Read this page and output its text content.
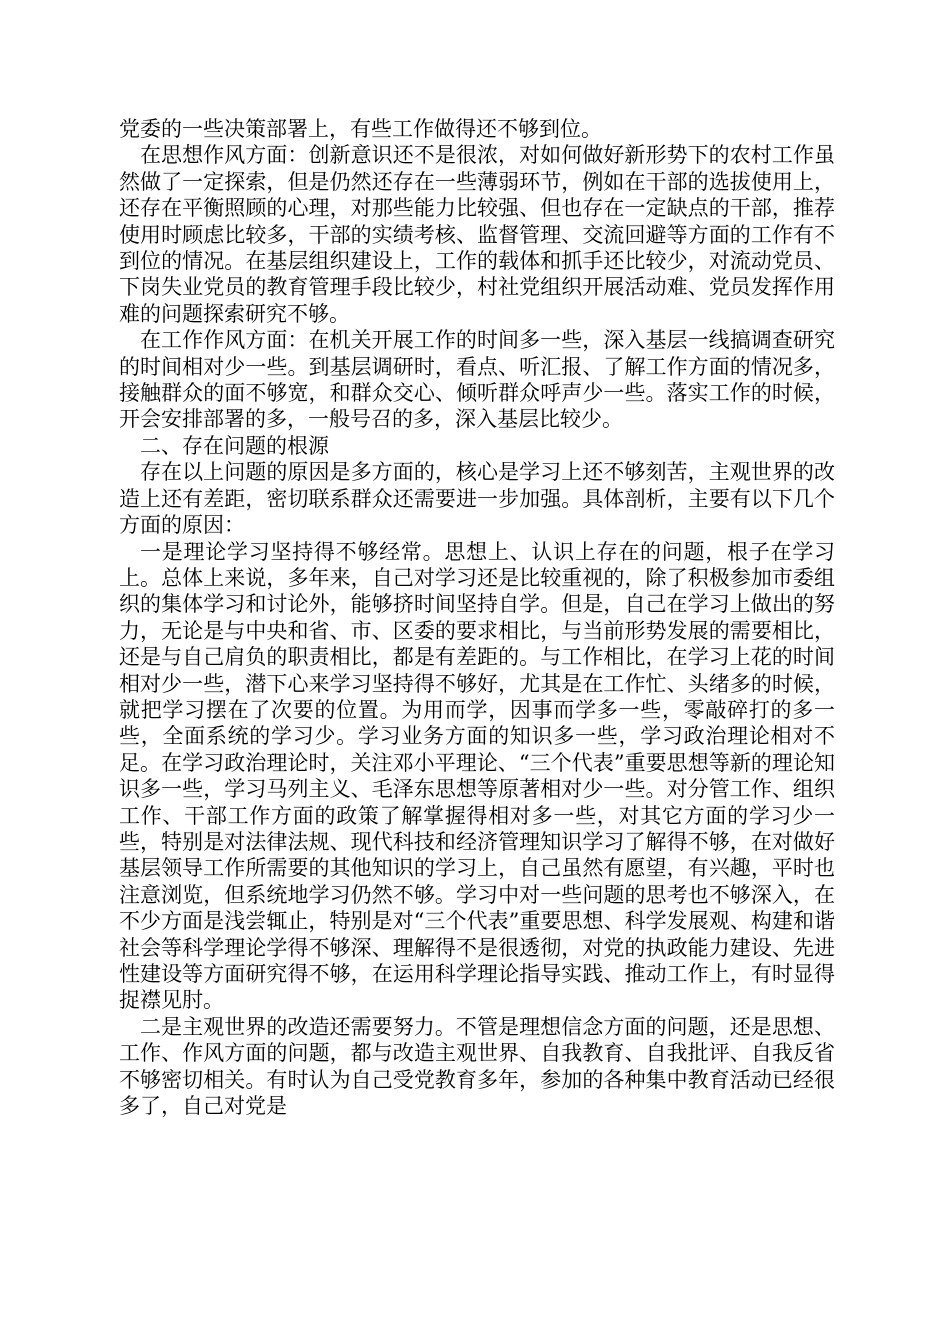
党委的一些决策部署上，有些工作做得还不够到位。

在思想作风方面：创新意识还不是很浓，对如何做好新形势下的农村工作虽然做了一定探索，但是仍然还存在一些薄弱环节，例如在干部的选拔使用上，还存在平衡照顾的心理，对那些能力比较强、但也存在一定缺点的干部，推荐使用时顾虑比较多，干部的实绩考核、监督管理、交流回避等方面的工作有不到位的情况。在基层组织建设上，工作的载体和抓手还比较少，对流动党员、下岗失业党员的教育管理手段比较少，村社党组织开展活动难、党员发挥作用难的问题探索研究不够。

在工作作风方面：在机关开展工作的时间多一些，深入基层一线搞调查研究的时间相对少一些。到基层调研时，看点、听汇报、了解工作方面的情况多，接触群众的面不够宽，和群众交心、倾听群众呼声少一些。落实工作的时候，开会安排部署的多，一般号召的多，深入基层比较少。

二、存在问题的根源

存在以上问题的原因是多方面的，核心是学习上还不够刻苦，主观世界的改造上还有差距，密切联系群众还需要进一步加强。具体剖析，主要有以下几个方面的原因：

一是理论学习坚持得不够经常。思想上、认识上存在的问题，根子在学习上。总体上来说，多年来，自己对学习还是比较重视的，除了积极参加市委组织的集体学习和讨论外，能够挤时间坚持自学。但是，自己在学习上做出的努力，无论是与中央和省、市、区委的要求相比，与当前形势发展的需要相比，还是与自己肩负的职责相比，都是有差距的。与工作相比，在学习上花的时间相对少一些，潜下心来学习坚持得不够好，尤其是在工作忙、头绪多的时候，就把学习摆在了次要的位置。为用而学，因事而学多一些，零敲碎打的多一些，全面系统的学习少。学习业务方面的知识多一些，学习政治理论相对不足。在学习政治理论时，关注邓小平理论、“三个代表”重要思想等新的理论知识多一些，学习马列主义、毛泽东思想等原著相对少一些。对分管工作、组织工作、干部工作方面的政策了解掌握得相对多一些，对其它方面的学习少一些，特别是对法律法规、现代科技和经济管理知识学习了解得不够，在对做好基层领导工作所需要的其他知识的学习上，自己虽然有愿望，有兴趣，平时也注意浏览，但系统地学习仍然不够。学习中对一些问题的思考也不够深入，在不少方面是浅尝辄止，特别是对“三个代表”重要思想、科学发展观、构建和谐社会等科学理论学得不够深、理解得不是很透彻，对党的执政能力建设、先进性建设等方面研究得不够，在运用科学理论指导实践、推动工作上，有时显得捉襟见肘。

二是主观世界的改造还需要努力。不管是理想信念方面的问题，还是思想、工作、作风方面的问题，都与改造主观世界、自我教育、自我批评、自我反省不够密切相关。有时认为自己受党教育多年，参加的各种集中教育活动已经很多了，自己对党是
